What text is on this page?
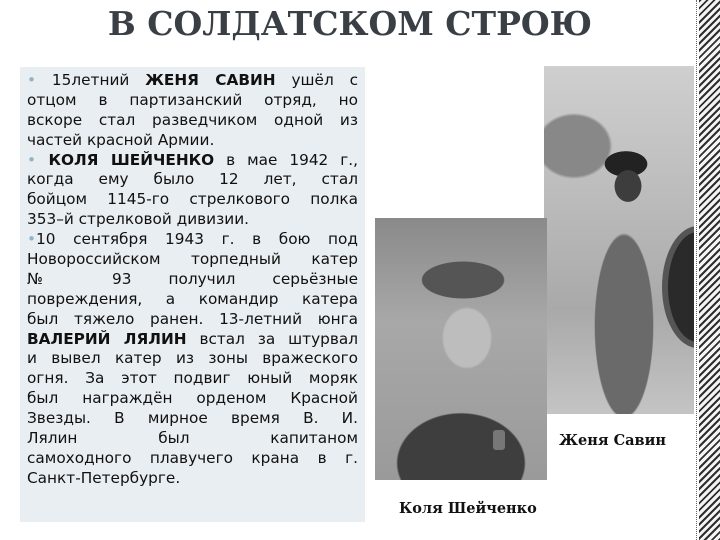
В СОЛДАТСКОМ СТРОЮ
• 15летний ЖЕНЯ САВИН ушёл с
отцом в партизанский отряд, но
вскоре стал разведчиком одной из
частей красной Армии.
• КОЛЯ ШЕЙЧЕНКО в мае 1942 г.,
когда ему было 12 лет, стал
бойцом 1145-го стрелкового полка
353–й стрелковой дивизии.
•10 сентября 1943 г. в бою под
Новороссийском торпедный катер
№ 93 получил серьёзные
повреждения, а командир катера
был тяжело ранен. 13-летний юнга
ВАЛЕРИЙ ЛЯЛИН встал за штурвал
и вывел катер из зоны вражеского
огня. За этот подвиг юный моряк
был награждён орденом Красной
Звезды. В мирное время В. И.
Лялин был капитаном
самоходного плавучего крана в г.
Санкт-Петербурге.
Женя Савин
Коля Шейченко
